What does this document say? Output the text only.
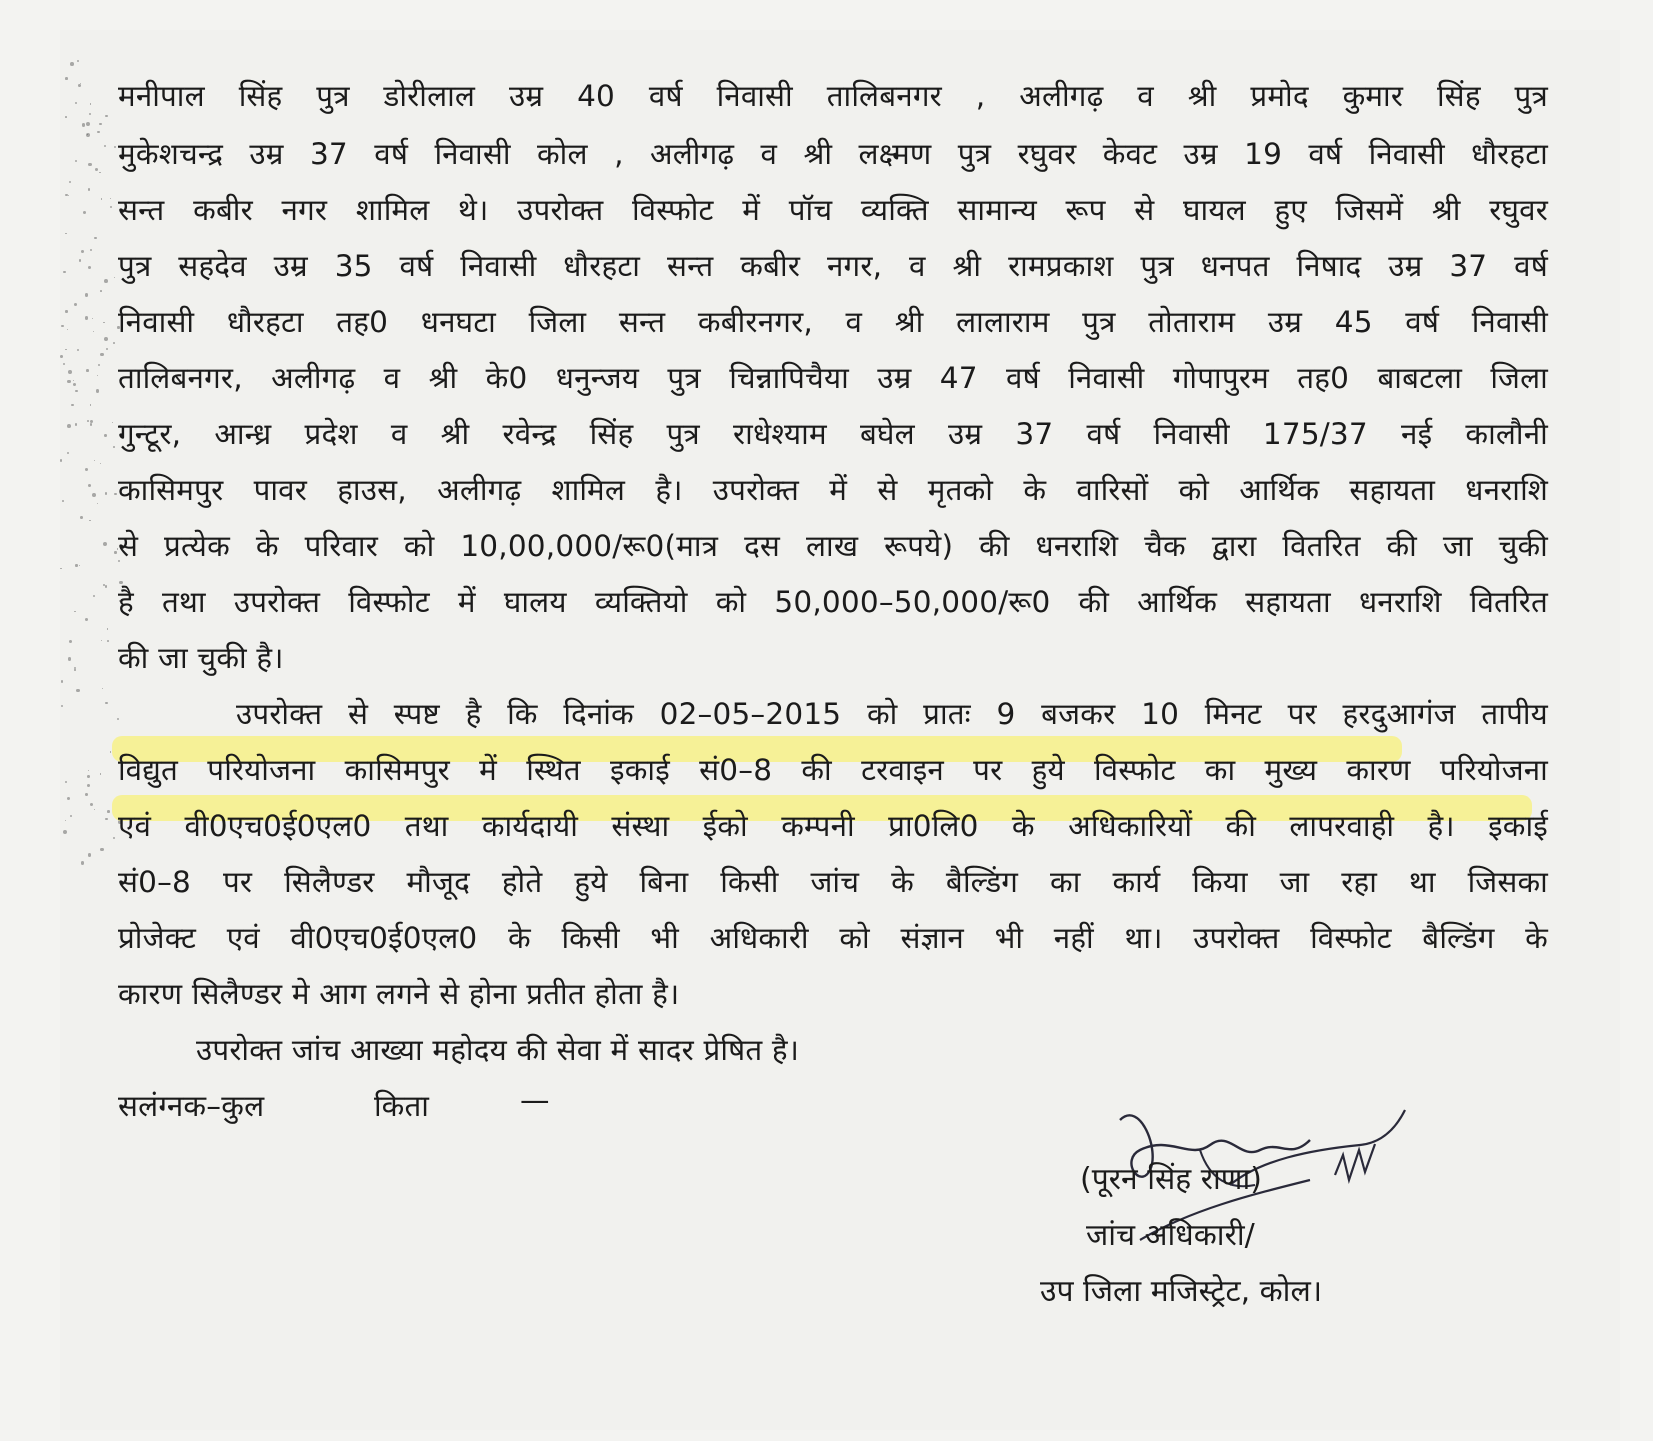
मनीपाल सिंह पुत्र डोरीलाल उम्र 40 वर्ष निवासी तालिबनगर , अलीगढ़ व श्री प्रमोद कुमार सिंह पुत्र
मुकेशचन्द्र उम्र 37 वर्ष निवासी कोल , अलीगढ़ व श्री लक्ष्मण पुत्र रघुवर केवट उम्र 19 वर्ष निवासी धौरहटा
सन्त कबीर नगर शामिल थे। उपरोक्त विस्फोट में पॉच व्यक्ति सामान्य रूप से घायल हुए जिसमें श्री रघुवर
पुत्र सहदेव उम्र 35 वर्ष निवासी धौरहटा सन्त कबीर नगर, व श्री रामप्रकाश पुत्र धनपत निषाद उम्र 37 वर्ष
निवासी धौरहटा तह0 धनघटा जिला सन्त कबीरनगर, व श्री लालाराम पुत्र तोताराम उम्र 45 वर्ष निवासी
तालिबनगर, अलीगढ़ व श्री के0 धनुन्जय पुत्र चिन्नापिचैया उम्र 47 वर्ष निवासी गोपापुरम तह0 बाबटला जिला
गुन्टूर, आन्ध्र प्रदेश व श्री रवेन्द्र सिंह पुत्र राधेश्याम बघेल उम्र 37 वर्ष निवासी 175/37 नई कालौनी
कासिमपुर पावर हाउस, अलीगढ़ शामिल है। उपरोक्त में से मृतको के वारिसों को आर्थिक सहायता धनराशि
से प्रत्येक के परिवार को 10,00,000/रू0(मात्र दस लाख रूपये) की धनराशि चैक द्वारा वितरित की जा चुकी
है तथा उपरोक्त विस्फोट में घालय व्यक्तियो को 50,000–50,000/रू0 की आर्थिक सहायता धनराशि वितरित
की जा चुकी है।
उपरोक्त से स्पष्ट है कि दिनांक 02–05–2015 को प्रातः 9 बजकर 10 मिनट पर हरदुआगंज तापीय
विद्युत परियोजना कासिमपुर में स्थित इकाई सं0–8 की टरवाइन पर हुये विस्फोट का मुख्य कारण परियोजना
एवं वी0एच0ई0एल0 तथा कार्यदायी संस्था ईको कम्पनी प्रा0लि0 के अधिकारियों की लापरवाही है। इकाई
सं0–8 पर सिलैण्डर मौजूद होते हुये बिना किसी जांच के बैल्डिंग का कार्य किया जा रहा था जिसका
प्रोजेक्ट एवं वी0एच0ई0एल0 के किसी भी अधिकारी को संज्ञान भी नहीं था। उपरोक्त विस्फोट बैल्डिंग के
कारण सिलैण्डर मे आग लगने से होना प्रतीत होता है।
उपरोक्त जांच आख्या महोदय की सेवा में सादर प्रेषित है।
सलंग्नक–कुल	किता	—
(पूरन सिंह राणा)
जांच अधिकारी/
उप जिला मजिस्ट्रेट, कोल।
